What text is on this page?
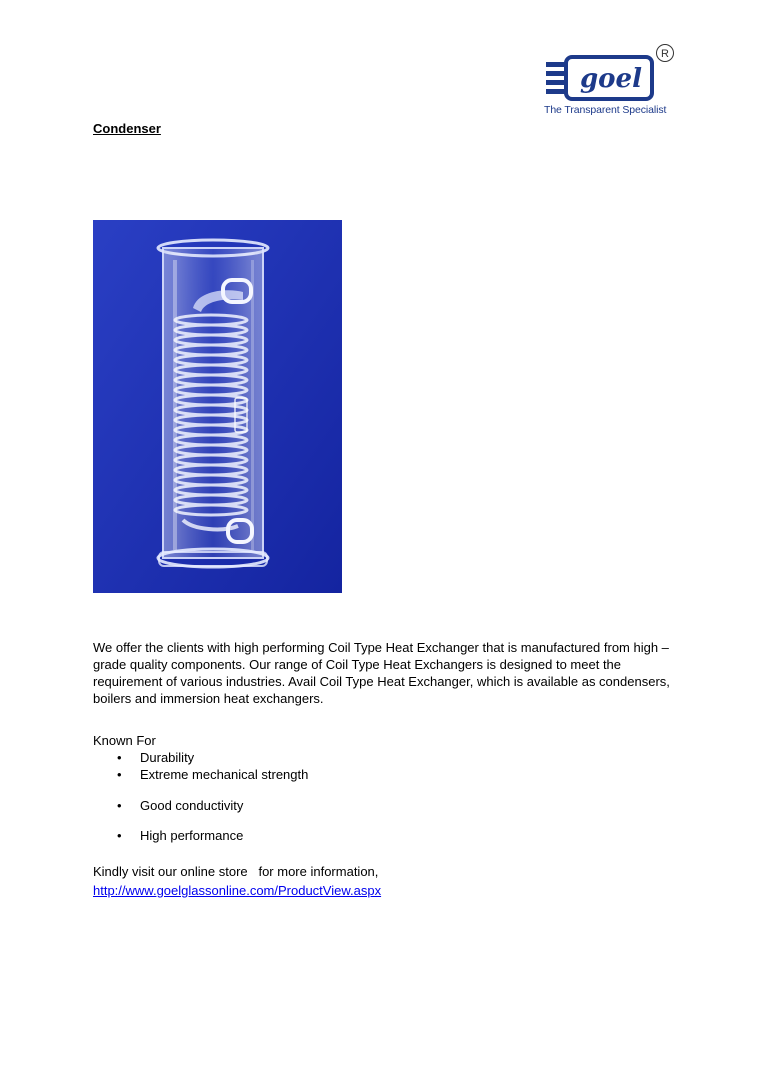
goel
R
The Transparent Specialist
Condenser

We offer the clients with high performing Coil Type Heat Exchanger that is manufactured from high – grade quality components. Our range of Coil Type Heat Exchangers is designed to meet the requirement of various industries. Avail Coil Type Heat Exchanger, which is available as condensers, boilers and immersion heat exchangers.

Known For
• Durability
• Extreme mechanical strength
• Good conductivity
• High performance
Kindly visit our online store   for more information,
http://www.goelglassonline.com/ProductView.aspx
